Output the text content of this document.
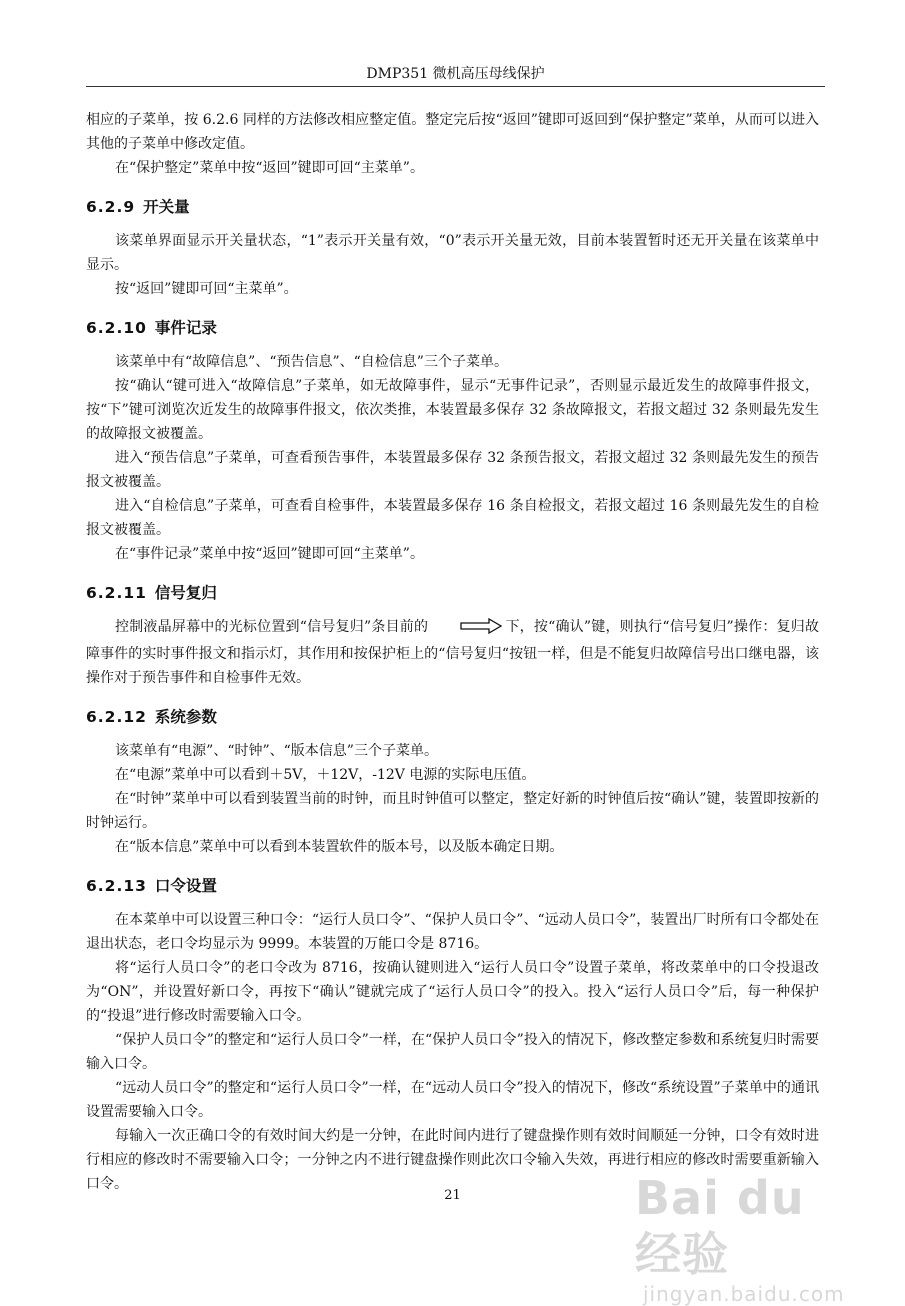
DMP351 微机高压母线保护

相应的子菜单，按 6.2.6 同样的方法修改相应整定值。整定完后按“返回”键即可返回到“保护整定”菜单，从而可以进入其他的子菜单中修改定值。

在“保护整定”菜单中按“返回”键即可回“主菜单”。

6.2.9 开关量

该菜单界面显示开关量状态，“1”表示开关量有效，“0”表示开关量无效，目前本装置暂时还无开关量在该菜单中显示。

按“返回”键即可回“主菜单”。

6.2.10 事件记录

该菜单中有“故障信息”、“预告信息”、“自检信息”三个子菜单。

按“确认“键可进入“故障信息”子菜单，如无故障事件，显示“无事件记录”，否则显示最近发生的故障事件报文，按“下”键可浏览次近发生的故障事件报文，依次类推，本装置最多保存 32 条故障报文，若报文超过 32 条则最先发生的故障报文被覆盖。

进入“预告信息”子菜单，可查看预告事件，本装置最多保存 32 条预告报文，若报文超过 32 条则最先发生的预告报文被覆盖。

进入“自检信息”子菜单，可查看自检事件，本装置最多保存 16 条自检报文，若报文超过 16 条则最先发生的自检报文被覆盖。

在“事件记录”菜单中按“返回”键即可回“主菜单”。

6.2.11 信号复归

控制液晶屏幕中的光标位置到“信号复归”条目前的	下，按“确认”键，则执行“信号复归”操作：复归故障事件的实时事件报文和指示灯，其作用和按保护柜上的“信号复归“按钮一样，但是不能复归故障信号出口继电器，该操作对于预告事件和自检事件无效。

6.2.12 系统参数

该菜单有“电源”、“时钟”、“版本信息”三个子菜单。

在“电源”菜单中可以看到＋5V，＋12V，-12V 电源的实际电压值。

在“时钟”菜单中可以看到装置当前的时钟，而且时钟值可以整定，整定好新的时钟值后按“确认”键，装置即按新的时钟运行。

在“版本信息”菜单中可以看到本装置软件的版本号，以及版本确定日期。

6.2.13 口令设置

在本菜单中可以设置三种口令：“运行人员口令”、“保护人员口令”、“远动人员口令”，装置出厂时所有口令都处在退出状态，老口令均显示为 9999。本装置的万能口令是 8716。

将“运行人员口令”的老口令改为 8716，按确认键则进入“运行人员口令”设置子菜单，将改菜单中的口令投退改为“ON”，并设置好新口令，再按下“确认”键就完成了“运行人员口令”的投入。投入“运行人员口令”后，每一种保护的“投退”进行修改时需要输入口令。

“保护人员口令”的整定和“运行人员口令”一样，在“保护人员口令”投入的情况下，修改整定参数和系统复归时需要输入口令。

“远动人员口令”的整定和“运行人员口令”一样，在“远动人员口令”投入的情况下，修改“系统设置”子菜单中的通讯设置需要输入口令。

每输入一次正确口令的有效时间大约是一分钟，在此时间内进行了键盘操作则有效时间顺延一分钟，口令有效时进行相应的修改时不需要输入口令；一分钟之内不进行键盘操作则此次口令输入失效，再进行相应的修改时需要重新输入口令。

21	Bai du 经验
jingyan.baidu.com
